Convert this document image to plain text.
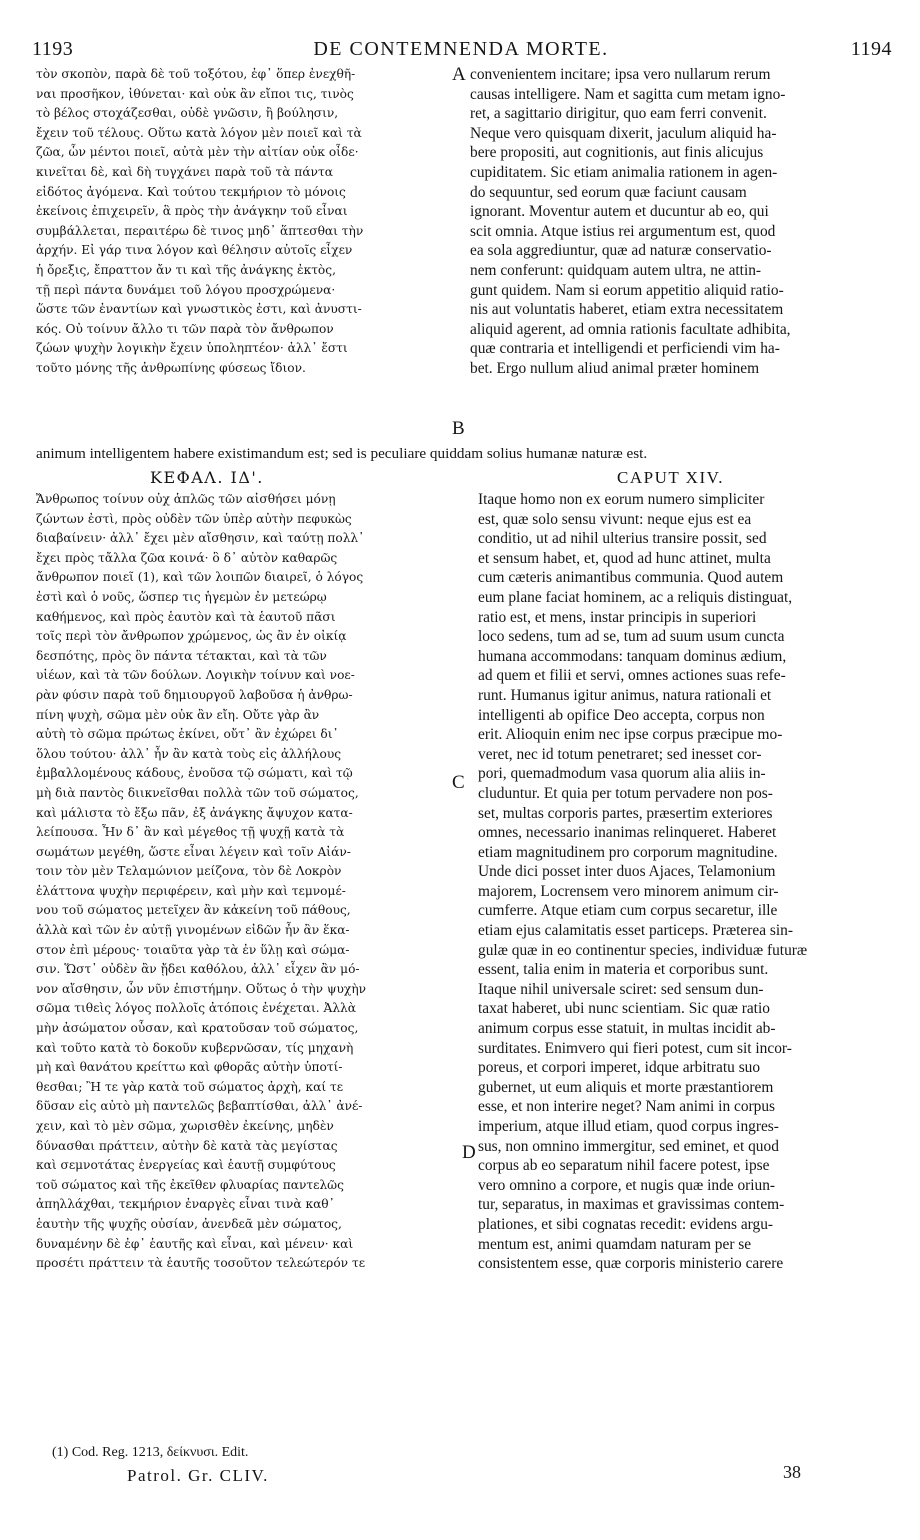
1193	DE CONTEMNENDA MORTE.	1194
τὸν σκοπὸν, παρὰ δὲ τοῦ τοξότου, ἐφ᾽ ὅπερ ἐνεχθῆ-
ναι προσῆκον, ἰθύνεται· καὶ οὐκ ἂν εἴποι τις, τινὸς
τὸ βέλος στοχάζεσθαι, οὐδὲ γνῶσιν, ἢ βούλησιν,
ἔχειν τοῦ τέλους. Οὕτω κατὰ λόγον μὲν ποιεῖ καὶ τὰ
ζῶα, ὧν μέντοι ποιεῖ, αὐτὰ μὲν τὴν αἰτίαν οὐκ οἶδε·
κινεῖται δὲ, καὶ δὴ τυγχάνει παρὰ τοῦ τὰ πάντα
εἰδότος ἀγόμενα. Καὶ τούτου τεκμήριον τὸ μόνοις
ἐκείνοις ἐπιχειρεῖν, ἃ πρὸς τὴν ἀνάγκην τοῦ εἶναι
συμβάλλεται, περαιτέρω δὲ τινος μηδ᾽ ἅπτεσθαι τὴν
ἀρχήν. Εἰ γάρ τινα λόγον καὶ θέλησιν αὐτοῖς εἶχεν
ἡ ὄρεξις, ἔπραττον ἄν τι καὶ τῆς ἀνάγκης ἐκτὸς,
τῇ περὶ πάντα δυνάμει τοῦ λόγου προσχρώμενα·
ὥστε τῶν ἐναντίων καὶ γνωστικὸς ἐστι, καὶ ἀνυστι-
κός. Οὐ τοίνυν ἄλλο τι τῶν παρὰ τὸν ἄνθρωπον
ζώων ψυχὴν λογικὴν ἔχειν ὑποληπτέον· ἀλλ᾽ ἔστι
τοῦτο μόνης τῆς ἀνθρωπίνης φύσεως ἴδιον.
convenientem incitare; ipsa vero nullarum rerum
causas intelligere. Nam et sagitta cum metam igno-
ret, a sagittario dirigitur, quo eam ferri convenit.
Neque vero quisquam dixerit, jaculum aliquid ha-
bere propositi, aut cognitionis, aut finis alicujus
cupiditatem. Sic etiam animalia rationem in agen-
do sequuntur, sed eorum quæ faciunt causam
ignorant. Moventur autem et ducuntur ab eo, qui
scit omnia. Atque istius rei argumentum est, quod
ea sola aggrediuntur, quæ ad naturæ conservatio-
nem conferunt: quidquam autem ultra, ne attin-
gunt quidem. Nam si eorum appetitio aliquid ratio-
nis aut voluntatis haberet, etiam extra necessitatem
aliquid agerent, ad omnia rationis facultate adhibita,
quæ contraria et intelligendi et perficiendi vim ha-
bet. Ergo nullum aliud animal præter hominem
animum intelligentem habere existimandum est; sed is peculiare quiddam solius humanæ naturæ est.
ΚΕΦΑΛ. ΙΔ'.	CAPUT XIV.
Ἄνθρωπος τοίνυν οὐχ ἁπλῶς τῶν αἰσθήσει μόνῃ
ζώντων ἐστὶ, πρὸς οὐδὲν τῶν ὑπὲρ αὐτὴν πεφυκὼς
διαβαίνειν· ἀλλ᾽ ἔχει μὲν αἴσθησιν, καὶ ταύτῃ πολλ᾽
ἔχει πρὸς τἄλλα ζῶα κοινά· ὃ δ᾽ αὐτὸν καθαρῶς
ἄνθρωπον ποιεῖ (1), καὶ τῶν λοιπῶν διαιρεῖ, ὁ λόγος
ἐστὶ καὶ ὁ νοῦς, ὥσπερ τις ἡγεμὼν ἐν μετεώρῳ
καθήμενος, καὶ πρὸς ἑαυτὸν καὶ τὰ ἑαυτοῦ πᾶσι
τοῖς περὶ τὸν ἄνθρωπον χρώμενος, ὡς ἂν ἐν οἰκίᾳ
δεσπότης, πρὸς ὃν πάντα τέτακται, καὶ τὰ τῶν
υἱέων, καὶ τὰ τῶν δούλων. Λογικὴν τοίνυν καὶ νοε-
ρὰν φύσιν παρὰ τοῦ δημιουργοῦ λαβοῦσα ἡ ἀνθρω-
πίνη ψυχὴ, σῶμα μὲν οὐκ ἂν εἴη. Οὔτε γὰρ ἂν
αὐτὴ τὸ σῶμα πρώτως ἐκίνει, οὔτ᾽ ἂν ἐχώρει δι᾽
ὅλου τούτου· ἀλλ᾽ ἦν ἂν κατὰ τοὺς εἰς ἀλλήλους
ἐμβαλλομένους κάδους, ἐνοῦσα τῷ σώματι, καὶ τῷ
μὴ διὰ παντὸς διικνεῖσθαι πολλὰ τῶν τοῦ σώματος,
καὶ μάλιστα τὸ ἔξω πᾶν, ἐξ ἀνάγκης ἄψυχον κατα-
λείπουσα. Ἦν δ᾽ ἂν καὶ μέγεθος τῇ ψυχῇ κατὰ τὰ
σωμάτων μεγέθη, ὥστε εἶναι λέγειν καὶ τοῖν Αἰάν-
τοιν τὸν μὲν Τελαμώνιον μείζονα, τὸν δὲ Λοκρὸν
ἐλάττονα ψυχὴν περιφέρειν, καὶ μὴν καὶ τεμνομέ-
νου τοῦ σώματος μετεῖχεν ἂν κἀκείνη τοῦ πάθους,
ἀλλὰ καὶ τῶν ἐν αὐτῇ γινομένων εἰδῶν ἦν ἂν ἕκα-
στον ἐπὶ μέρους· τοιαῦτα γὰρ τὰ ἐν ὕλῃ καὶ σώμα-
σιν. Ὥστ᾽ οὐδὲν ἂν ᾔδει καθόλου, ἀλλ᾽ εἶχεν ἂν μό-
νον αἴσθησιν, ὧν νῦν ἐπιστήμην. Οὕτως ὁ τὴν ψυχὴν
σῶμα τιθεὶς λόγος πολλοῖς ἀτόποις ἐνέχεται. Ἀλλὰ
μὴν ἀσώματον οὖσαν, καὶ κρατοῦσαν τοῦ σώματος,
καὶ τοῦτο κατὰ τὸ δοκοῦν κυβερνῶσαν, τίς μηχανὴ
μὴ καὶ θανάτου κρείττω καὶ φθορᾶς αὐτὴν ὑποτί-
θεσθαι; Ἢ τε γὰρ κατὰ τοῦ σώματος ἀρχὴ, καί τε
δῦσαν εἰς αὐτὸ μὴ παντελῶς βεβαπτίσθαι, ἀλλ᾽ ἀνέ-
χειν, καὶ τὸ μὲν σῶμα, χωρισθὲν ἐκείνης, μηδὲν
δύνασθαι πράττειν, αὐτὴν δὲ κατὰ τὰς μεγίστας
καὶ σεμνοτάτας ἐνεργείας καὶ ἑαυτῇ συμφύτους
τοῦ σώματος καὶ τῆς ἐκεῖθεν φλυαρίας παντελῶς
ἀπηλλάχθαι, τεκμήριον ἐναργὲς εἶναι τινὰ καθ᾽
ἑαυτὴν τῆς ψυχῆς οὐσίαν, ἀνενδεᾶ μὲν σώματος,
δυναμένην δὲ ἐφ᾽ ἑαυτῆς καὶ εἶναι, καὶ μένειν· καὶ
προσέτι πράττειν τὰ ἑαυτῆς τοσοῦτον τελεώτερόν τε
Itaque homo non ex eorum numero simpliciter
est, quæ solo sensu vivunt: neque ejus est ea
conditio, ut ad nihil ulterius transire possit, sed
et sensum habet, et, quod ad hunc attinet, multa
cum cæteris animantibus communia. Quod autem
eum plane faciat hominem, ac a reliquis distinguat,
ratio est, et mens, instar principis in superiori
loco sedens, tum ad se, tum ad suum usum cuncta
humana accommodans: tanquam dominus ædium,
ad quem et filii et servi, omnes actiones suas refe-
runt. Humanus igitur animus, natura rationali et
intelligenti ab opifice Deo accepta, corpus non
erit. Alioquin enim nec ipse corpus præcipue mo-
veret, nec id totum penetraret; sed inesset cor-
pori, quemadmodum vasa quorum alia aliis in-
cluduntur. Et quia per totum pervadere non pos-
set, multas corporis partes, præsertim exteriores
omnes, necessario inanimas relinqueret. Haberet
etiam magnitudinem pro corporum magnitudine.
Unde dici posset inter duos Ajaces, Telamonium
majorem, Locrensem vero minorem animum cir-
cumferre. Atque etiam cum corpus secaretur, ille
etiam ejus calamitatis esset particeps. Præterea sin-
gulæ quæ in eo continentur species, individuæ futuræ
essent, talia enim in materia et corporibus sunt.
Itaque nihil universale sciret: sed sensum dun-
taxat haberet, ubi nunc scientiam. Sic quæ ratio
animum corpus esse statuit, in multas incidit ab-
surditates. Enimvero qui fieri potest, cum sit incor-
poreus, et corpori imperet, idque arbitratu suo
gubernet, ut eum aliquis et morte præstantiorem
esse, et non interire neget? Nam animi in corpus
imperium, atque illud etiam, quod corpus ingres-
sus, non omnino immergitur, sed eminet, et quod
corpus ab eo separatum nihil facere potest, ipse
vero omnino a corpore, et nugis quæ inde oriun-
tur, separatus, in maximas et gravissimas contem-
plationes, et sibi cognatas recedit: evidens argu-
mentum est, animi quamdam naturam per se
consistentem esse, quæ corporis ministerio carere
A
B
C
D
(1) Cod. Reg. 1213, δείκνυσι. Edit.
Patrol. Gr. CLIV.	38
